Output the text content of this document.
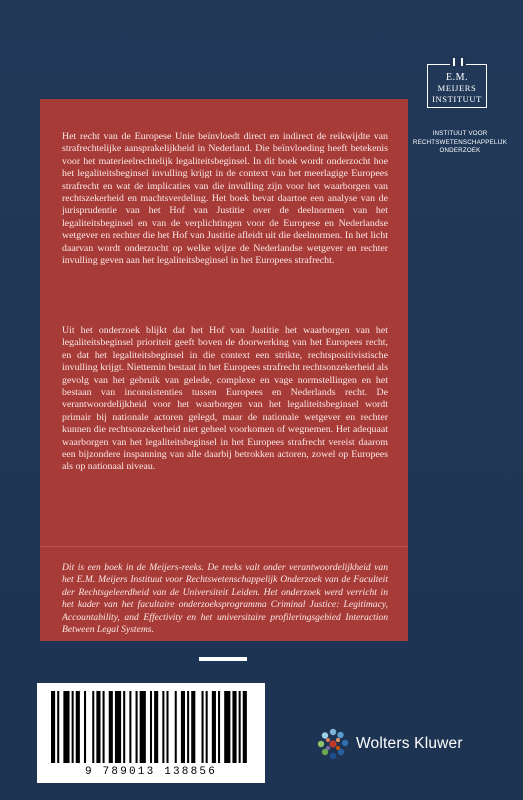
E.M.
MEIJERS
INSTITUUT
INSTITUUT VOOR
RECHTSWETENSCHAPPELIJK
ONDERZOEK

Het recht van de Europese Unie beïnvloedt direct en indirect de reikwijdte van strafrechtelijke aansprakelijkheid in Nederland. Die beïnvloeding heeft betekenis voor het materieelrechtelijk legaliteitsbeginsel. In dit boek wordt onderzocht hoe het legaliteitsbeginsel invulling krijgt in de context van het meerlagige Europees strafrecht en wat de implicaties van die invulling zijn voor het waarborgen van rechtszekerheid en machtsverdeling. Het boek bevat daartoe een analyse van de jurisprudentie van het Hof van Justitie over de deelnormen van het legaliteitsbeginsel en van de verplichtingen voor de Europese en Nederlandse wetgever en rechter die het Hof van Justitie afleidt uit die deelnormen. In het licht daarvan wordt onderzocht op welke wijze de Nederlandse wetgever en rechter invulling geven aan het legaliteitsbeginsel in het Europees strafrecht.

Uit het onderzoek blijkt dat het Hof van Justitie het waarborgen van het legaliteitsbeginsel prioriteit geeft boven de doorwerking van het Europees recht, en dat het legaliteitsbeginsel in die context een strikte, rechtspositivistische invulling krijgt. Niettemin bestaat in het Europees strafrecht rechtsonzekerheid als gevolg van het gebruik van gelede, complexe en vage normstellingen en het bestaan van inconsistenties tussen Europees en Nederlands recht. De verantwoordelijkheid voor het waarborgen van het legaliteitsbeginsel wordt primair bij nationale actoren gelegd, maar de nationale wetgever en rechter kunnen die rechtsonzekerheid niet geheel voorkomen of wegnemen. Het adequaat waarborgen van het legaliteitsbeginsel in het Europees strafrecht vereist daarom een bijzondere inspanning van alle daarbij betrokken actoren, zowel op Europees als op nationaal niveau.

Dit is een boek in de Meijers-reeks. De reeks valt onder verantwoordelijkheid van het E.M. Meijers Instituut voor Rechtswetenschappelijk Onderzoek van de Faculteit der Rechtsgeleerdheid van de Universiteit Leiden. Het onderzoek werd verricht in het kader van het facultaire onderzoeksprogramma Criminal Justice: Legitimacy, Accountability, and Effectivity en het universitaire profileringsgebied Interaction Between Legal Systems.

9 789013 138856
Wolters Kluwer
